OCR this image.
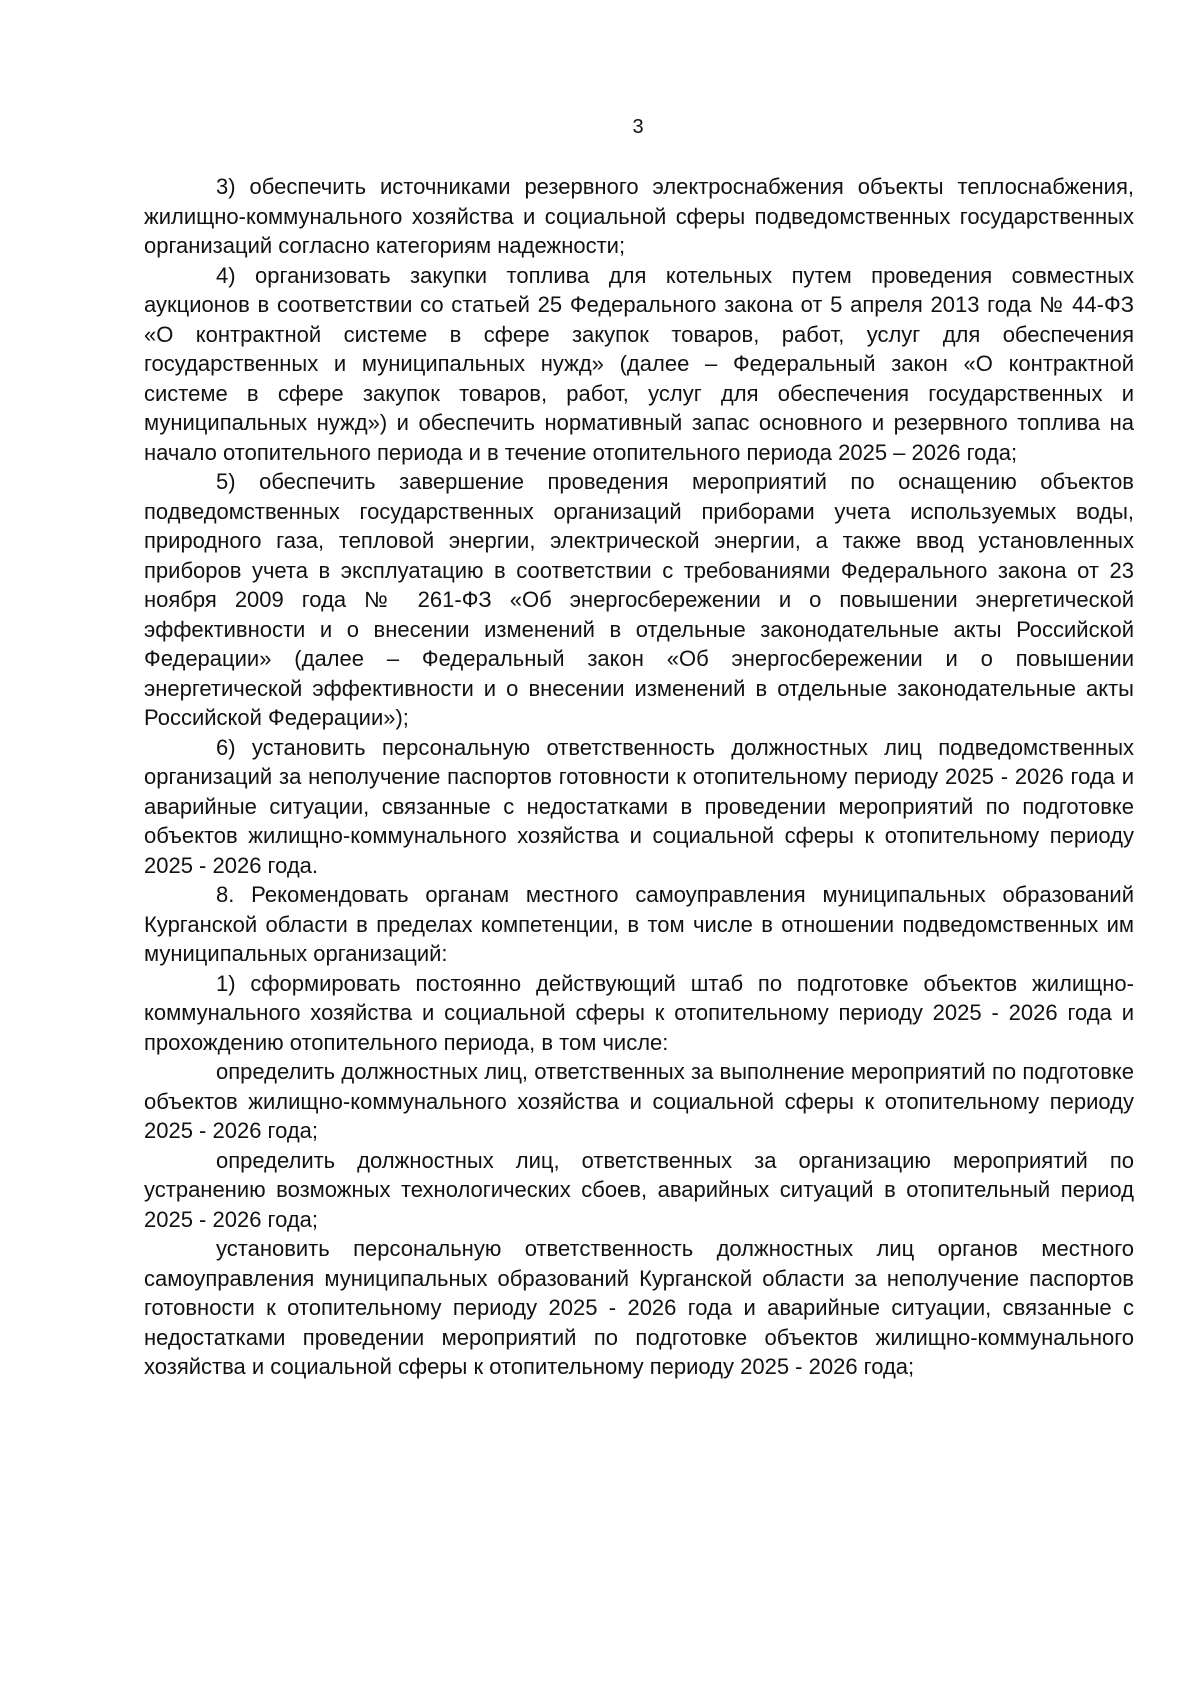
3

3) обеспечить источниками резервного электроснабжения объекты теплоснабжения, жилищно-коммунального хозяйства и социальной сферы подведомственных государственных организаций согласно категориям надежности;

4) организовать закупки топлива для котельных путем проведения совместных аукционов в соответствии со статьей 25 Федерального закона от 5 апреля 2013 года № 44-ФЗ «О контрактной системе в сфере закупок товаров, работ, услуг для обеспечения государственных и муниципальных нужд» (далее – Федеральный закон «О контрактной системе в сфере закупок товаров, работ, услуг для обеспечения государственных и муниципальных нужд») и обеспечить нормативный запас основного и резервного топлива на начало отопительного периода и в течение отопительного периода 2025 – 2026 года;

5) обеспечить завершение проведения мероприятий по оснащению объектов подведомственных государственных организаций приборами учета используемых воды, природного газа, тепловой энергии, электрической энергии, а также ввод установленных приборов учета в эксплуатацию в соответствии с требованиями Федерального закона от 23 ноября 2009 года № 261-ФЗ «Об энергосбережении и о повышении энергетической эффективности и о внесении изменений в отдельные законодательные акты Российской Федерации» (далее – Федеральный закон «Об энергосбережении и о повышении энергетической эффективности и о внесении изменений в отдельные законодательные акты Российской Федерации»);

6) установить персональную ответственность должностных лиц подведомственных организаций за неполучение паспортов готовности к отопительному периоду 2025 - 2026 года и аварийные ситуации, связанные с недостатками в проведении мероприятий по подготовке объектов жилищно-коммунального хозяйства и социальной сферы к отопительному периоду 2025 - 2026 года.

8. Рекомендовать органам местного самоуправления муниципальных образований Курганской области в пределах компетенции, в том числе в отношении подведомственных им муниципальных организаций:

1) сформировать постоянно действующий штаб по подготовке объектов жилищно-коммунального хозяйства и социальной сферы к отопительному периоду 2025 - 2026 года и прохождению отопительного периода, в том числе:

определить должностных лиц, ответственных за выполнение мероприятий по подготовке объектов жилищно-коммунального хозяйства и социальной сферы к отопительному периоду 2025 - 2026 года;

определить должностных лиц, ответственных за организацию мероприятий по устранению возможных технологических сбоев, аварийных ситуаций в отопительный период 2025 - 2026 года;

установить персональную ответственность должностных лиц органов местного самоуправления муниципальных образований Курганской области за неполучение паспортов готовности к отопительному периоду 2025 - 2026 года и аварийные ситуации, связанные с недостатками проведении мероприятий по подготовке объектов жилищно-коммунального хозяйства и социальной сферы к отопительному периоду 2025 - 2026 года;
